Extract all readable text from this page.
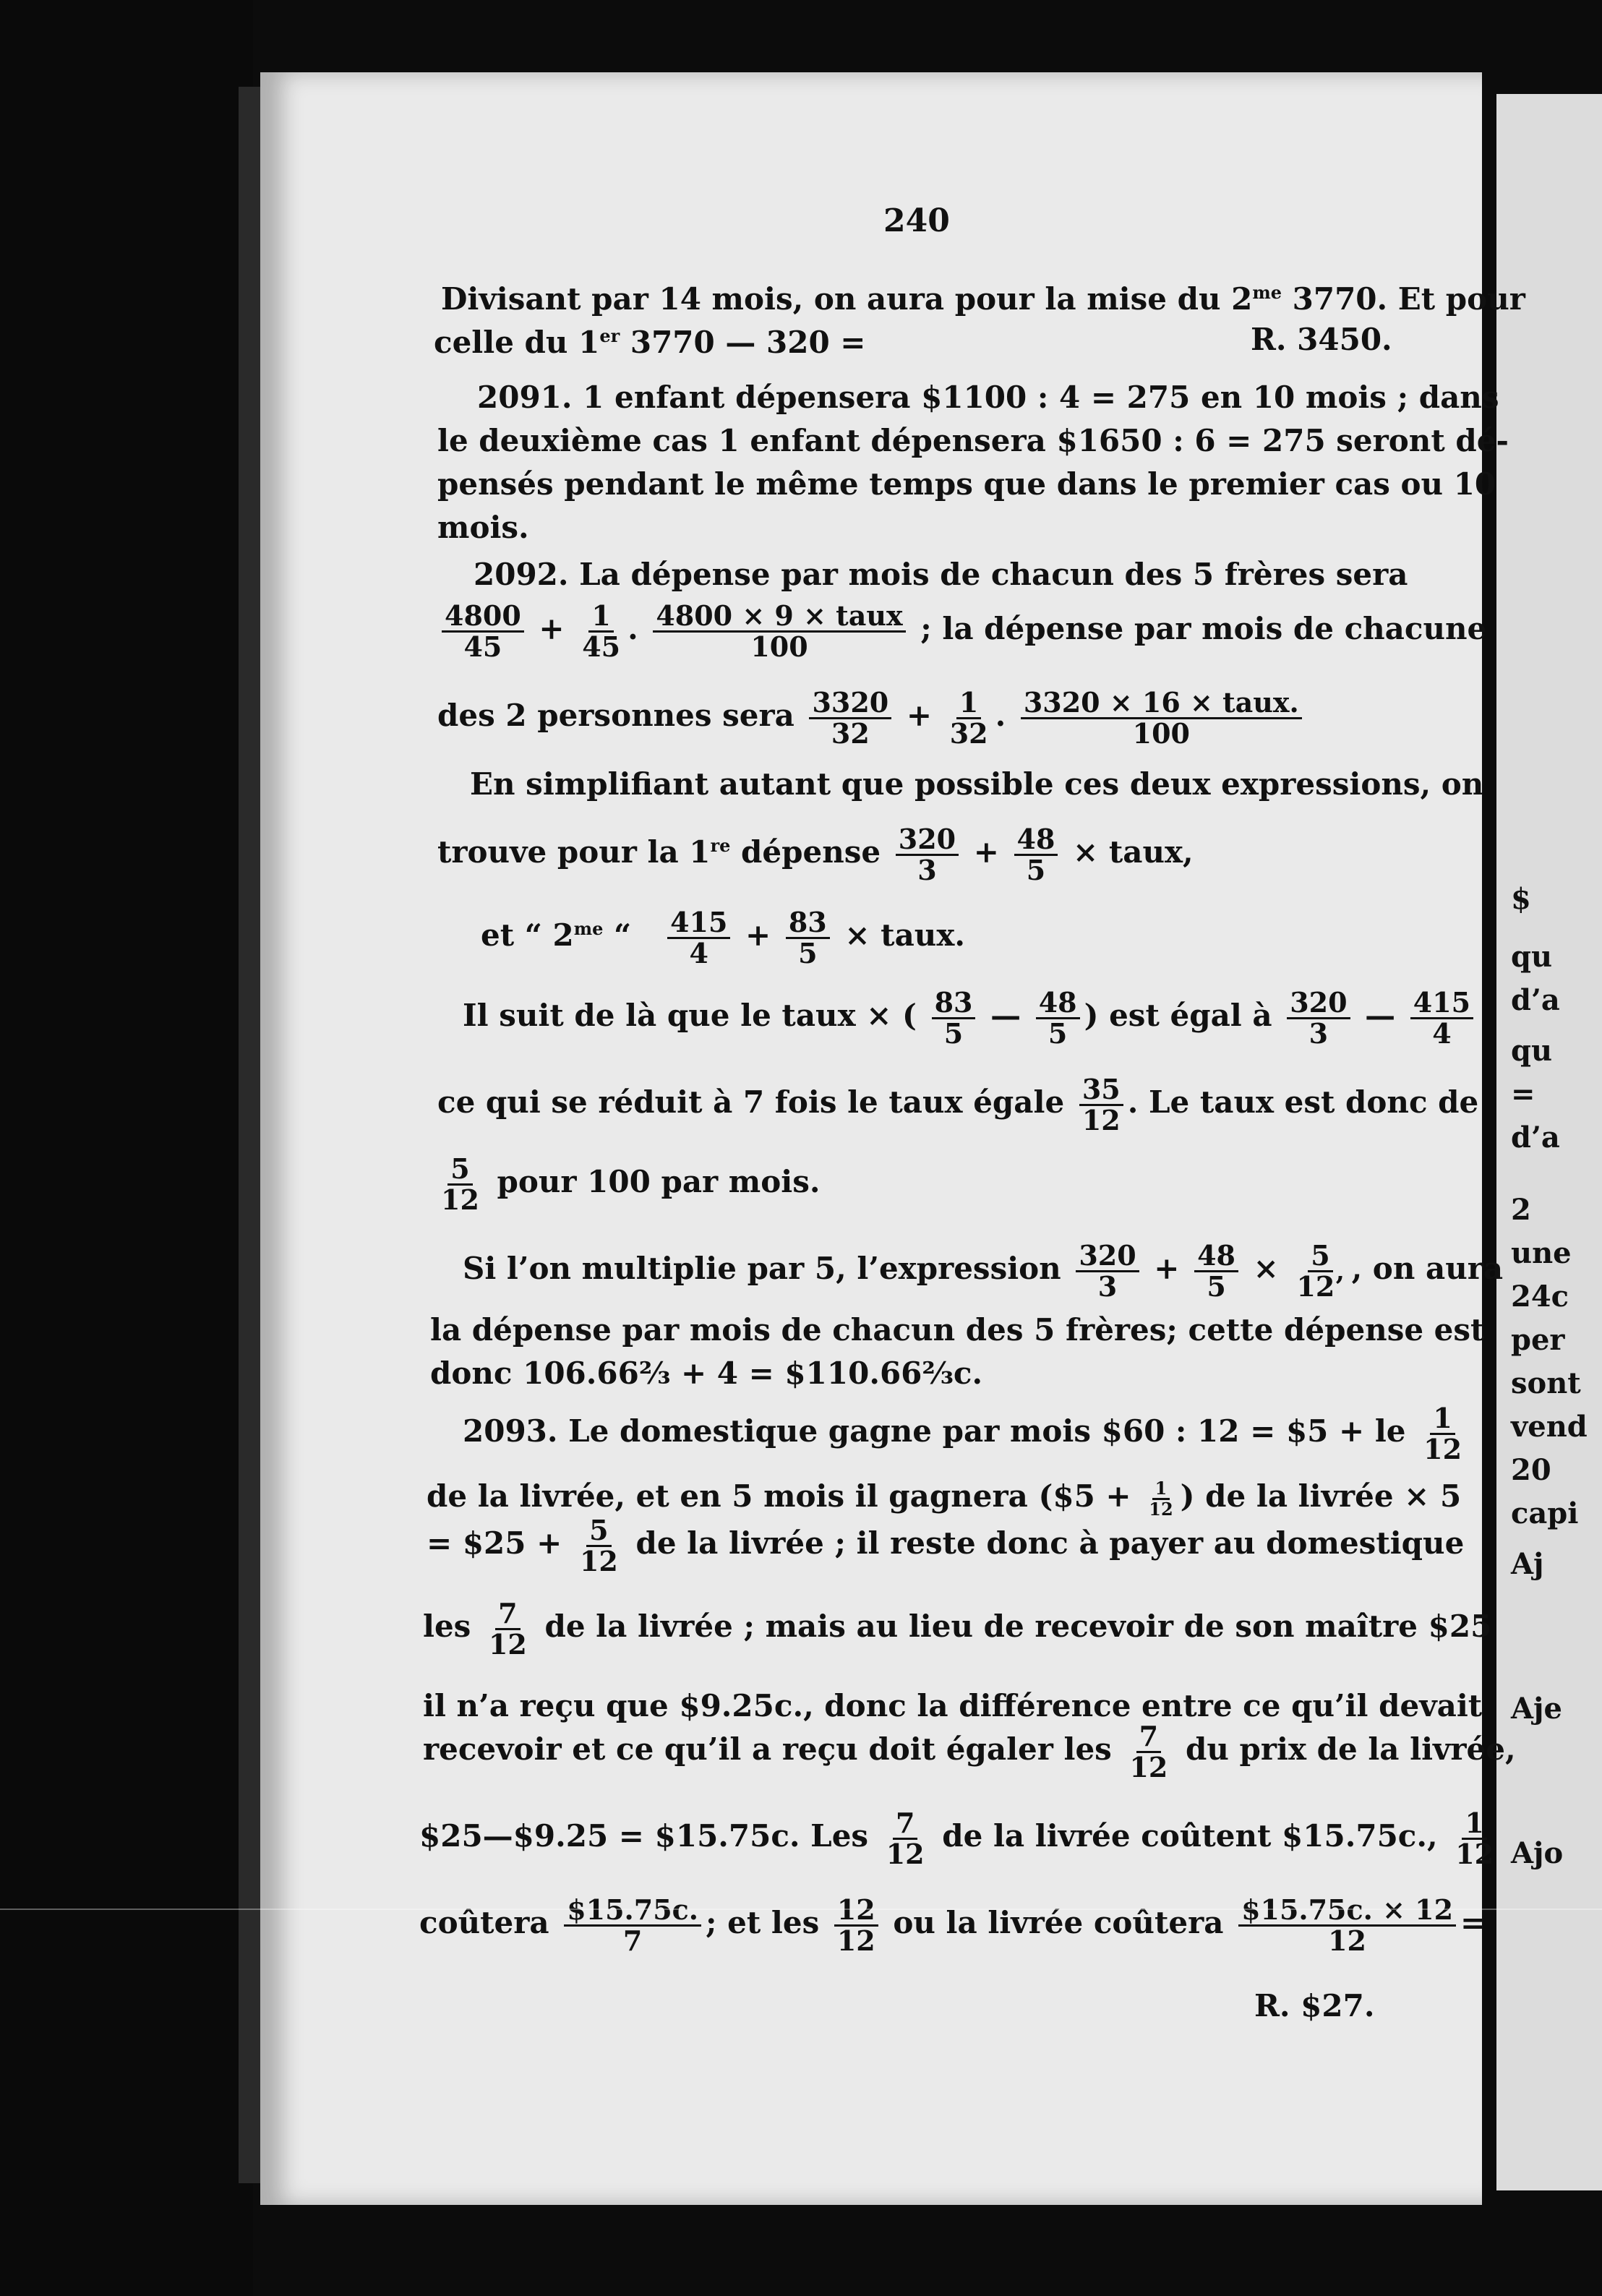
$
qu
d’a
qu
=
d’a
2
une
24c
per
sont
vend
20
capi
Aj
Aje
Ajo
240
Divisant par 14 mois, on aura pour la mise du $2^{me}$ 3770. Et pour
celle du 1er 3770 — 320 =	R. 3450.
2091. 1 enfant dépensera $1100 : 4 = 275 en 10 mois ; dans
le deuxième cas 1 enfant dépensera $1650 : 6 = 275 seront dé-
pensés pendant le même temps que dans le premier cas ou 10
mois.
2092. La dépense par mois de chacun des 5 frères sera
$\frac{4800}{45} + \frac{1}{45}$ . $\frac{\text{4800 × 9 × taux}}{100}$ ; la dépense par mois de chacune
des 2 personnes sera $\frac{3320}{32} + \frac{1}{32}$ . $\frac{\text{3320 × 16 × taux.}}{100}$
En simplifiant autant que possible ces deux expressions, on
trouve pour la 1re dépense $\frac{320}{3} + \frac{48}{5}$ × taux,
et “ $2^{me}$ “ $\frac{415}{4} + \frac{83}{5}$ × taux.
Il suit de là que le taux × ( $\frac{83}{5}$ — $\frac{48}{5}$ ) est égal à $\frac{320}{3}$ — $\frac{415}{4}$
ce qui se réduit à 7 fois le taux égale $\frac{35}{12}$ . Le taux est donc de
$\frac{5}{12}$ pour 100 par mois.
Si l’on multiplie par 5, l’expression $\frac{320}{3} + \frac{48}{5} \times \frac{5}{12’}$ , on aura
la dépense par mois de chacun des 5 frères; cette dépense est
donc 106.66⅔ + 4 = $110.66⅔c.
2093. Le domestique gagne par mois $60 : 12 = $5 + le $\frac{1}{12}$
de la livrée, et en 5 mois il gagnera ($5 + $\frac{1}{12}$ ) de la livrée × 5
= $25 + $\frac{5}{12}$ de la livrée ; il reste donc à payer au domestique
les $\frac{7}{12}$ de la livrée ; mais au lieu de recevoir de son maître $25
il n’a reçu que $9.25c., donc la différence entre ce qu’il devait
recevoir et ce qu’il a reçu doit égaler les $\frac{7}{12}$ du prix de la livrée,
$25—$9.25 = $15.75c. Les $\frac{7}{12}$ de la livrée coûtent $15.75c., $\frac{1}{12}$
coûtera $\frac{\$15.75c.}{7}$ ; et les $\frac{12}{12}$ ou la livrée coûtera $\frac{\$15.75c. \times 12}{12}$ =
R. $27.
